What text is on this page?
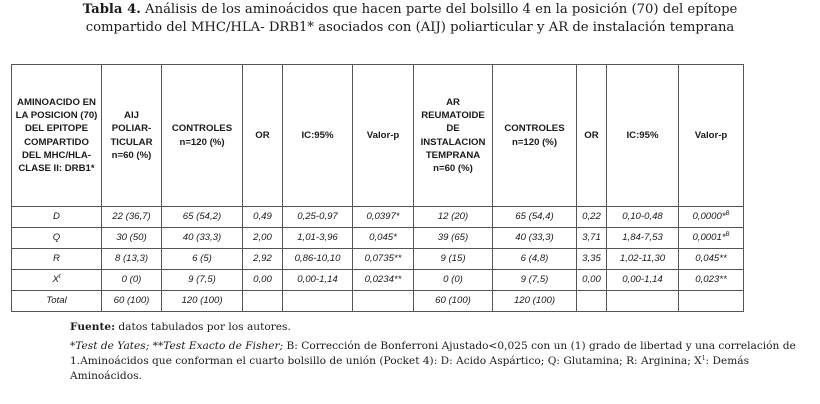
Tabla 4. Análisis de los aminoácidos que hacen parte del bolsillo 4 en la posición (70) del epítope
compartido del MHC/HLA- DRB1* asociados con (AIJ) poliarticular y AR de instalación temprana
AMINOACIDO EN LA POSICION (70) DEL EPITOPE COMPARTIDO DEL MHC/HLA-CLASE II: DRB1*	AIJ POLIAR-TICULAR n=60 (%)	CONTROLES n=120 (%)	OR	IC:95%	Valor-p	AR REUMATOIDE DE INSTALACION TEMPRANA n=60 (%)	CONTROLES n=120 (%)	OR	IC:95%	Valor-p
D	22 (36,7)	65 (54,2)	0,49	0,25-0,97	0,0397*	12 (20)	65 (54,4)	0,22	0,10-0,48	0,0000*$^B$
Q	30 (50)	40 (33,3)	2,00	1,01-3,96	0,045*	39 (65)	40 (33,3)	3,71	1,84-7,53	0,0001*$^B$
R	8 (13,3)	6 (5)	2,92	0,86-10,10	0,0735**	9 (15)	6 (4,8)	3,35	1,02-11,30	0,045**
$X^t$	0 (0)	9 (7,5)	0,00	0,00-1,14	0,0234**	0 (0)	9 (7,5)	0,00	0,00-1,14	0,023**
Total	60 (100)	120 (100)				60 (100)	120 (100)			

Fuente: datos tabulados por los autores.

*Test de Yates; **Test Exacto de Fisher; B: Corrección de Bonferroni Ajustado<0,025 con un (1) grado de libertad y una correlación de 1.Aminoácidos que conforman el cuarto bolsillo de unión (Pocket 4): D: Acido Aspártico; Q: Glutamina; R: Arginina; $X^1$: Demás Aminoácidos.
